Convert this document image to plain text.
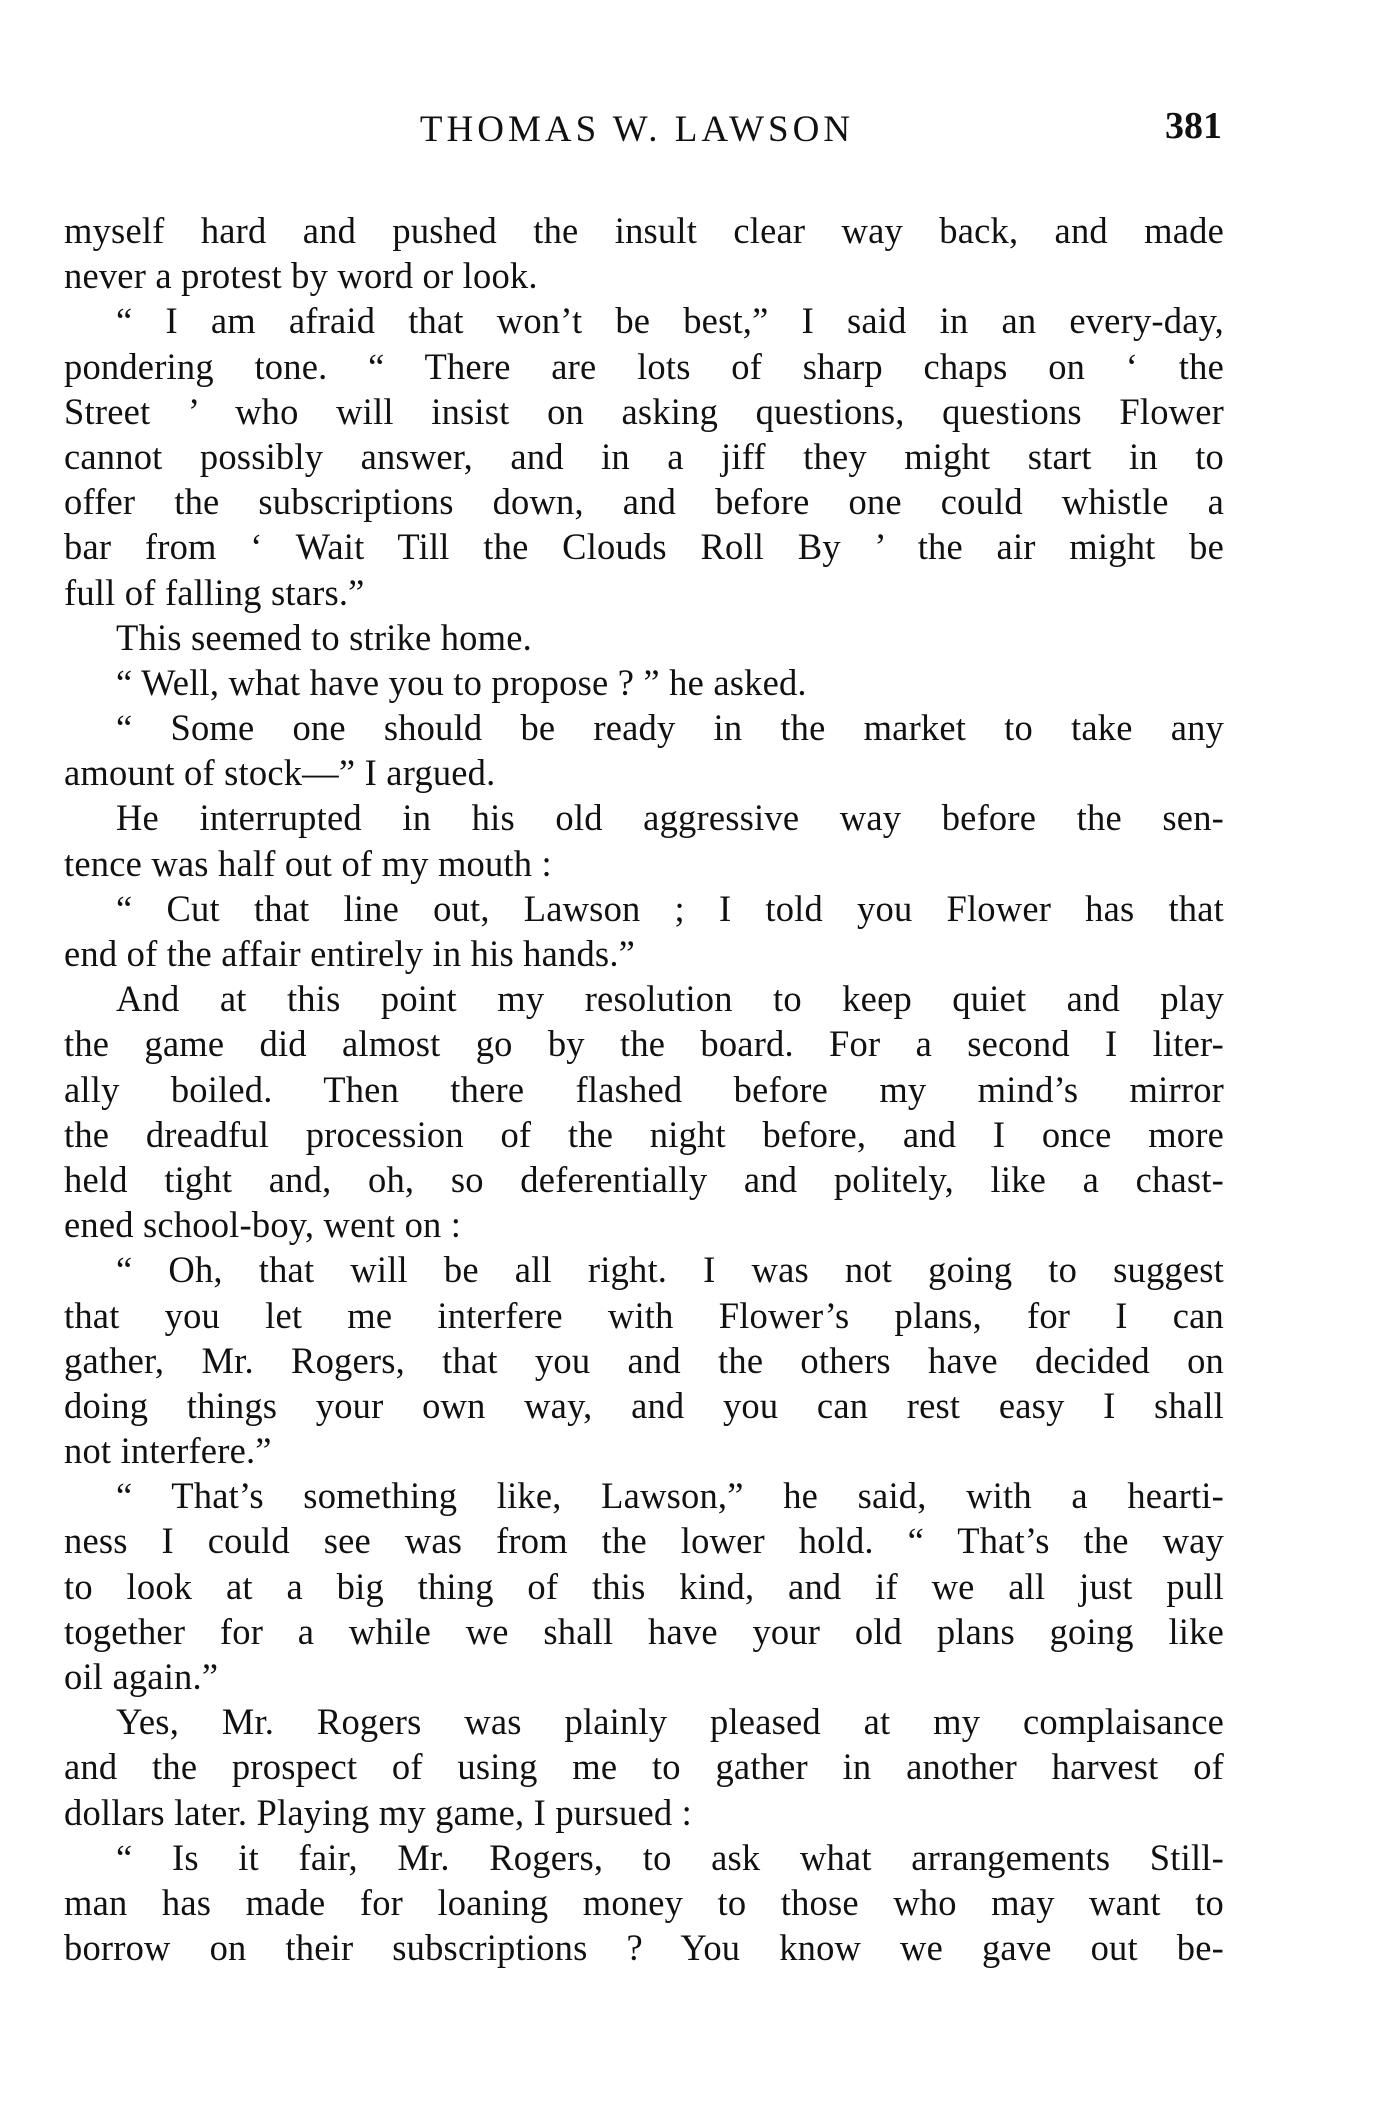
THOMAS W. LAWSON	381
myself hard and pushed the insult clear way back, and made
never a protest by word or look.
“ I am afraid that won’t be best,” I said in an every-day,
pondering tone. “ There are lots of sharp chaps on ‘ the
Street ’ who will insist on asking questions, questions Flower
cannot possibly answer, and in a jiff they might start in to
offer the subscriptions down, and before one could whistle a
bar from ‘ Wait Till the Clouds Roll By ’ the air might be
full of falling stars.”
This seemed to strike home.
“ Well, what have you to propose ? ” he asked.
“ Some one should be ready in the market to take any
amount of stock—” I argued.
He interrupted in his old aggressive way before the sen-
tence was half out of my mouth :
“ Cut that line out, Lawson ; I told you Flower has that
end of the affair entirely in his hands.”
And at this point my resolution to keep quiet and play
the game did almost go by the board. For a second I liter-
ally boiled. Then there flashed before my mind’s mirror
the dreadful procession of the night before, and I once more
held tight and, oh, so deferentially and politely, like a chast-
ened school-boy, went on :
“ Oh, that will be all right. I was not going to suggest
that you let me interfere with Flower’s plans, for I can
gather, Mr. Rogers, that you and the others have decided on
doing things your own way, and you can rest easy I shall
not interfere.”
“ That’s something like, Lawson,” he said, with a hearti-
ness I could see was from the lower hold. “ That’s the way
to look at a big thing of this kind, and if we all just pull
together for a while we shall have your old plans going like
oil again.”
Yes, Mr. Rogers was plainly pleased at my complaisance
and the prospect of using me to gather in another harvest of
dollars later. Playing my game, I pursued :
“ Is it fair, Mr. Rogers, to ask what arrangements Still-
man has made for loaning money to those who may want to
borrow on their subscriptions ? You know we gave out be-
